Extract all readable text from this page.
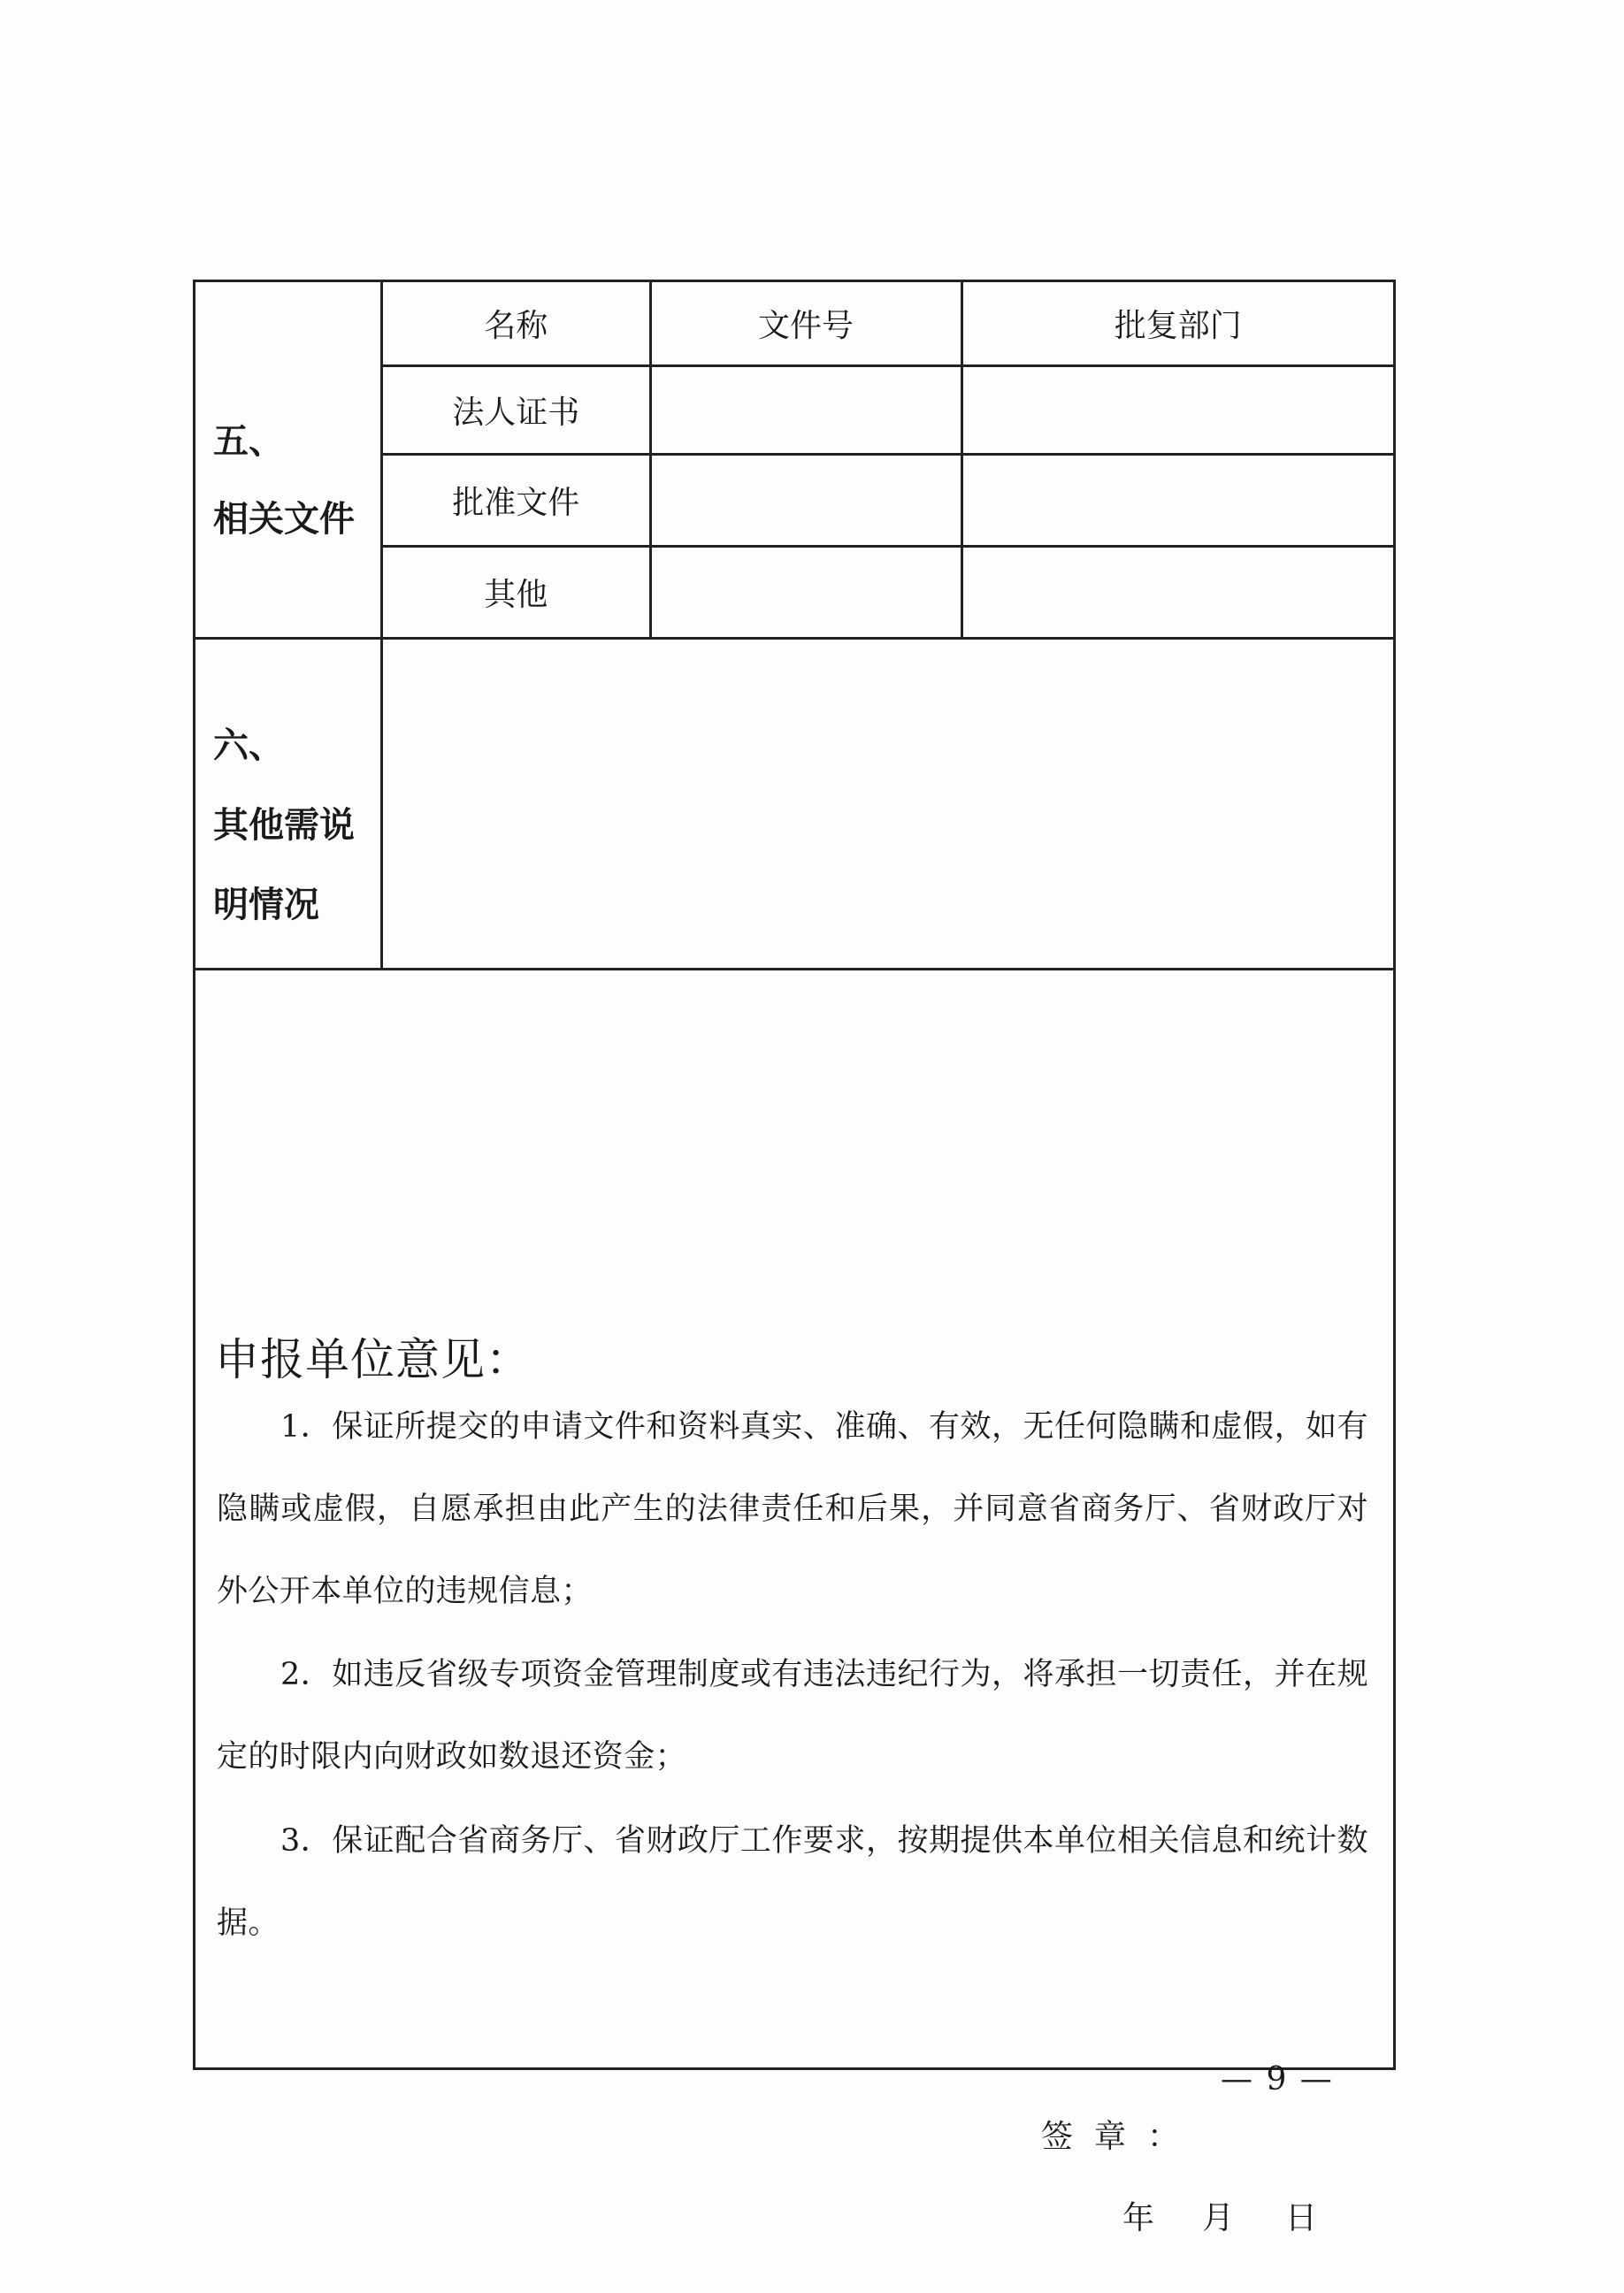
五、
相关文件
名称	文件号	批复部门
法人证书		
批准文件		
其他		
六、
其他需说
明情况
申报单位意见：
1．保证所提交的申请文件和资料真实、准确、有效，无任何隐瞒和虚假，如有隐瞒或虚假，自愿承担由此产生的法律责任和后果，并同意省商务厅、省财政厅对外公开本单位的违规信息；
2．如违反省级专项资金管理制度或有违法违纪行为，将承担一切责任，并在规定的时限内向财政如数退还资金；
3．保证配合省商务厅、省财政厅工作要求，按期提供本单位相关信息和统计数据。
签章：
年 月 日
— 9 —
